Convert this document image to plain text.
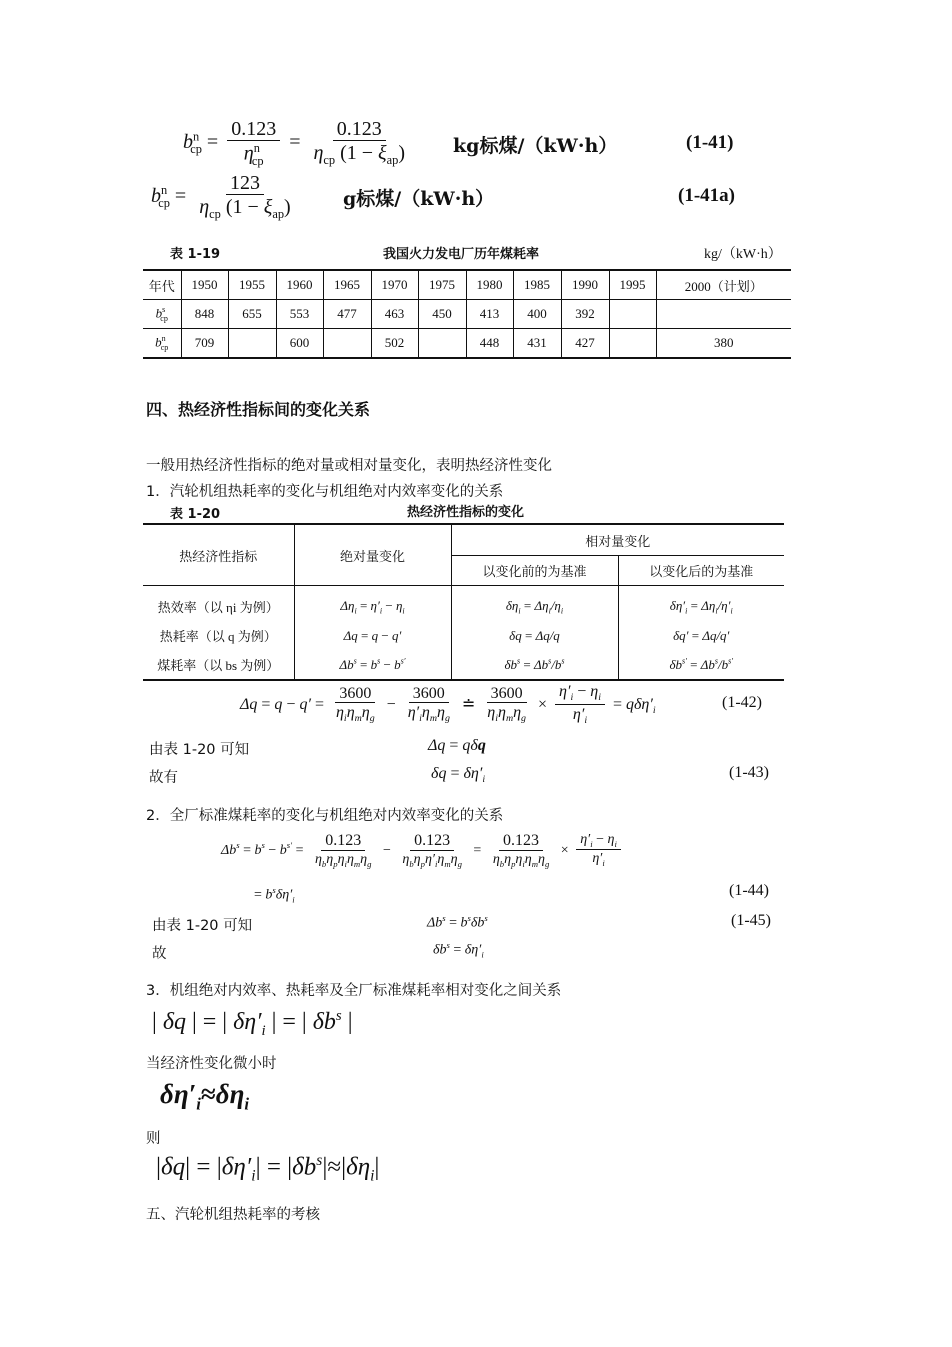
$b^n_{cp} = \frac{0.123}{\eta^n_{cp}} = \frac{0.123}{\eta_{cp} (1 - \xi_{ap})}$ kg标煤/（kW·h）	(1-41)
$b^n_{cp} = \frac{123}{\eta_{cp} (1 - \xi_{ap})}$	g标煤/（kW·h）	(1-41a)
表 1-19	我国火力发电厂历年煤耗率	kg/（kW·h）
年代	1950	1955	1960	1965	1970	1975	1980	1985	1990	1995	2000（计划）
$b^s_{cp}$	848	655	553	477	463	450	413	400	392		
$b^n_{cp}$	709		600		502		448	431	427		380
四、热经济性指标间的变化关系
一般用热经济性指标的绝对量或相对量变化，表明热经济性变化
1．汽轮机组热耗率的变化与机组绝对内效率变化的关系
表 1-20	热经济性指标的变化
热经济性指标	绝对量变化	相对量变化	
		以变化前的为基准	以变化后的为基准
热效率（以 ηi 为例）	$\Delta\eta_i = \eta'_i - \eta_i$	$\delta\eta_i = \Delta\eta_i/\eta_i$	$\delta\eta'_i = \Delta\eta_i/\eta'_i$
热耗率（以 q 为例）	Δq = q − q′	δq = Δq/q	δq′ = Δq/q′
煤耗率（以 bs 为例）	$\Delta b^s = b^s - b^{s'}$	$\delta b^s = \Delta b^s/b^s$	$\delta b^{s'} = \Delta b^s/b^{s'}$
$\Delta q = q - q' = \frac{3600}{\eta_i\eta_m\eta_g} - \frac{3600}{\eta'_i\eta_m\eta_g}$ ≐ $\frac{3600}{\eta_i\eta_m\eta_g} \times \frac{\eta'_i - \eta_i}{\eta'_i} = q\delta\eta'_i$	(1-42)
由表 1-20 可知	Δq = qδq
故有	$\delta q = \delta\eta'_i$	(1-43)
2．全厂标准煤耗率的变化与机组绝对内效率变化的关系
$\Delta b^s = b^s - b^{s'} = \frac{0.123}{\eta_b\eta_p\eta_i\eta_m\eta_g} - \frac{0.123}{\eta_b\eta_p\eta'_i\eta_m\eta_g} = \frac{0.123}{\eta_b\eta_p\eta_i\eta_m\eta_g} \times \frac{\eta'_i - \eta_i}{\eta'_i}$
= $b^s\delta\eta'_i$
(1-44)
由表 1-20 可知	$\Delta b^s = b^s\delta b^s$	(1-45)
故	$\delta b^s = \delta\eta'_i$
3．机组绝对内效率、热耗率及全厂标准煤耗率相对变化之间关系
| δq | = | $\delta\eta'_i$ | = | $\delta b^s$ |
当经济性变化微小时
$\delta\eta'_i\approx\delta\eta_i$
则
$|\delta q| = |\delta\eta'_i| = |\delta b^s|\approx|\delta\eta_i|$
五、汽轮机组热耗率的考核
